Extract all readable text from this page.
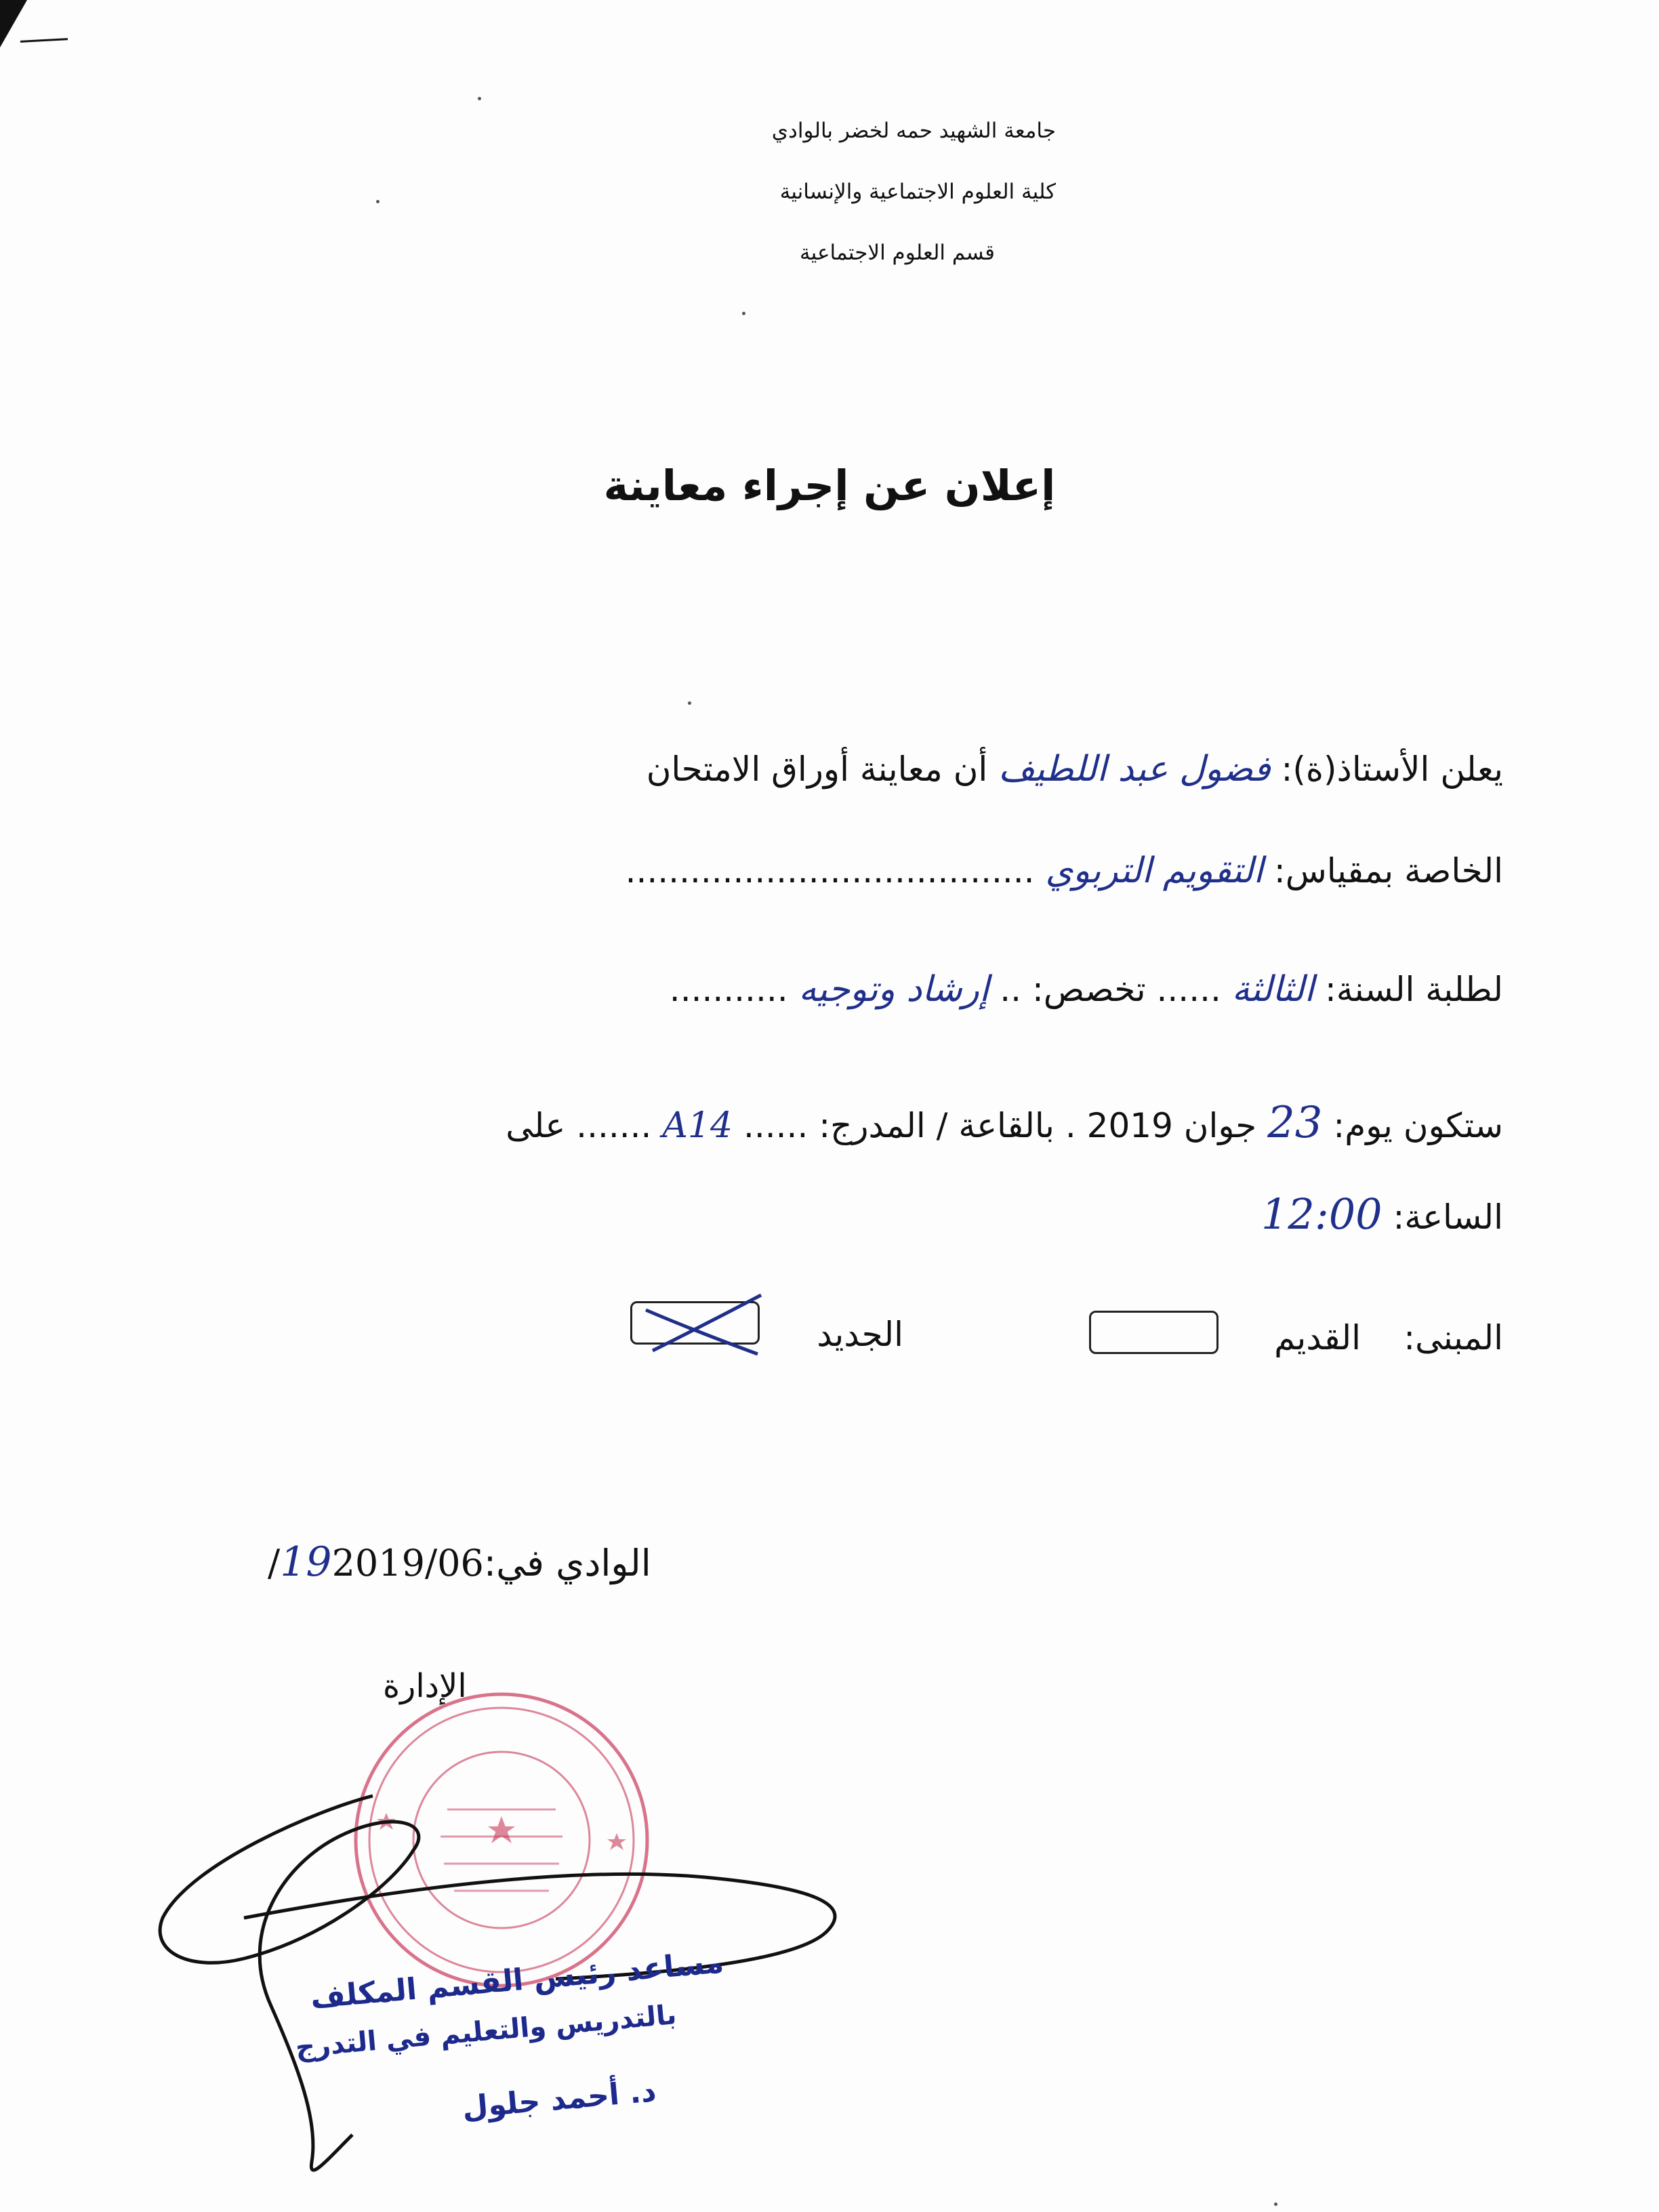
جامعة الشهيد حمه لخضر بالوادي
كلية العلوم الاجتماعية والإنسانية
قسم العلوم الاجتماعية
إعلان عن إجراء معاينة
يعلن الأستاذ(ة): فضول عبد اللطيف أن معاينة أوراق الامتحان
الخاصة بمقياس: التقويم التربوي ......................................
لطلبة السنة: الثالثة ...... تخصص: .. إرشاد وتوجيه ...........
ستكون يوم: 23 جوان 2019 . بالقاعة / المدرج: ...... A14 ....... على
الساعة: 12:00
المبنى:
القديم
الجديد
الوادي في:192019/06/
الإدارة
مساعد رئيس القسم المكلف
بالتدريس والتعليم في التدرج
د. أحمد جلول
